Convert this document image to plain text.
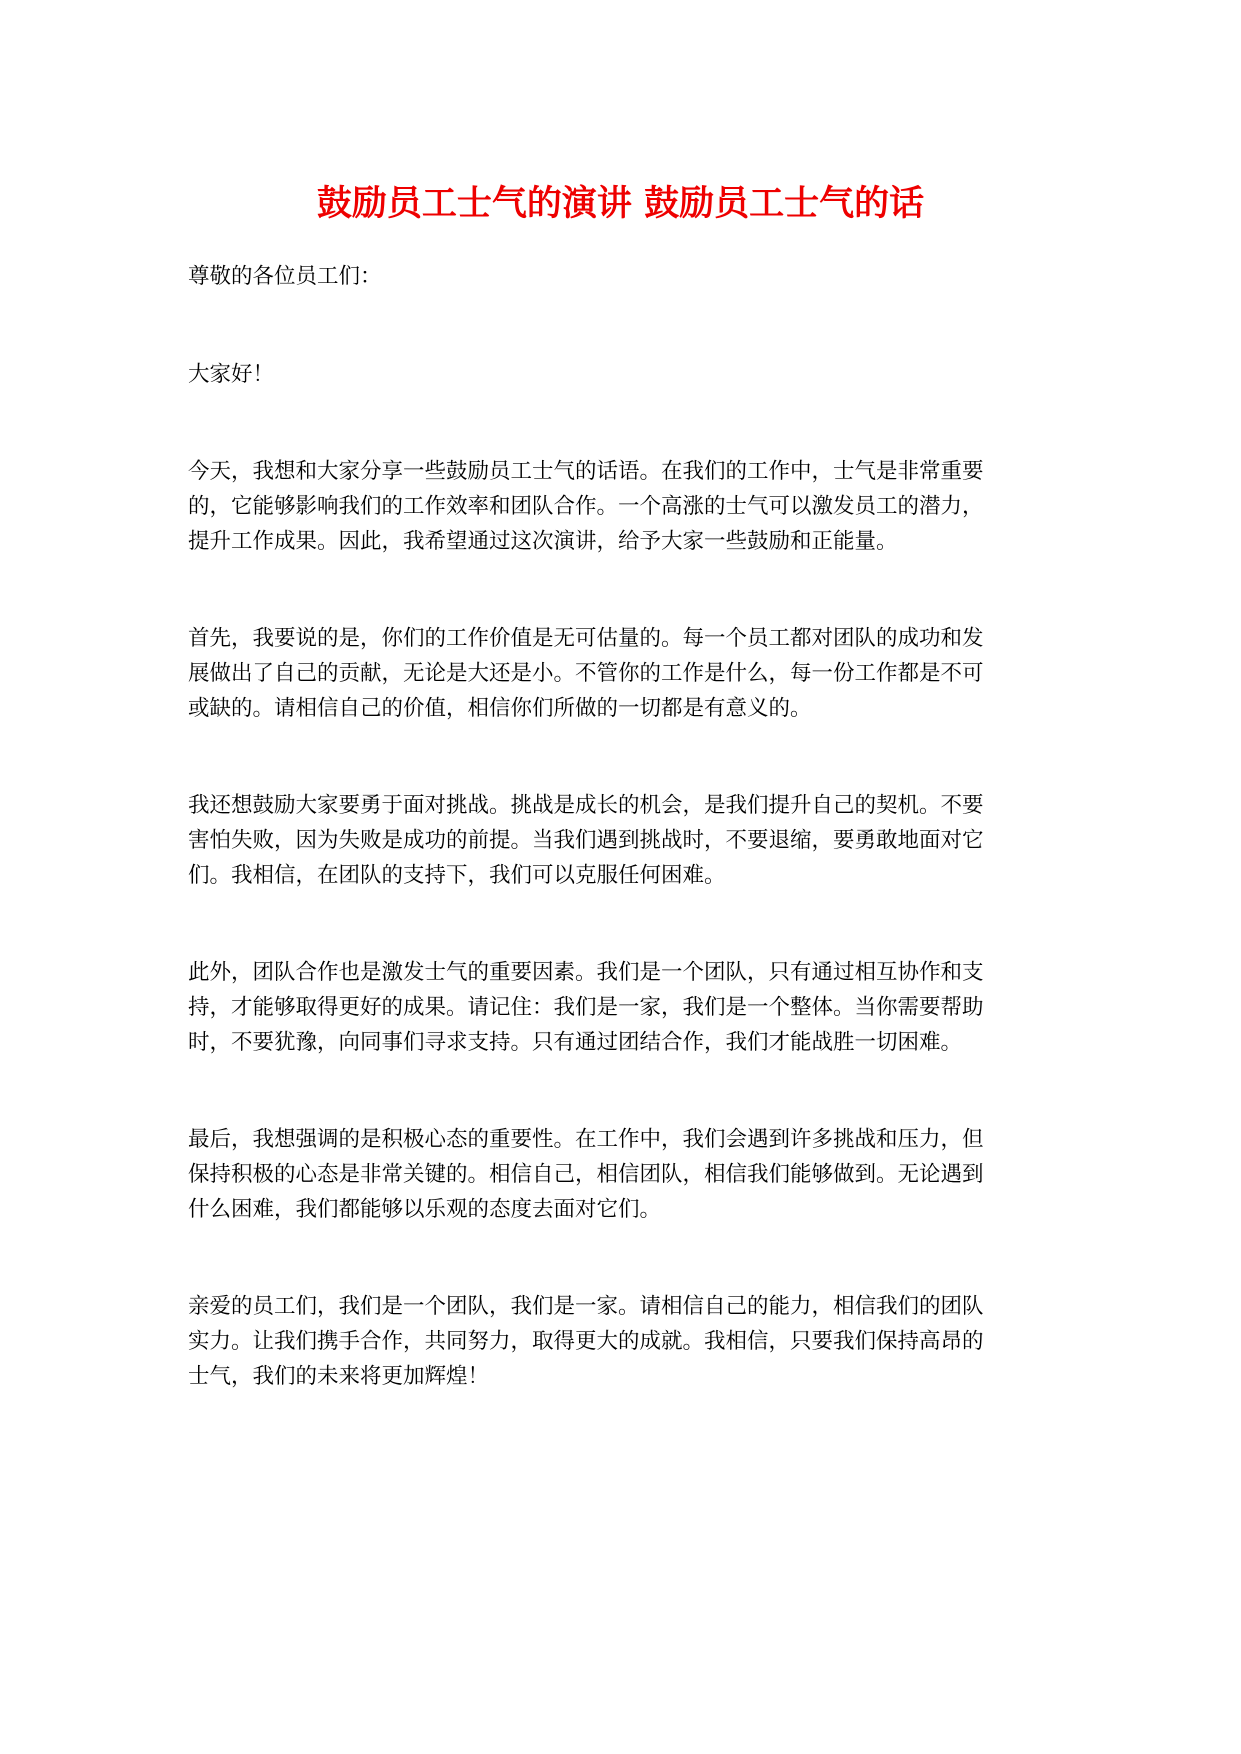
鼓励员工士气的演讲 鼓励员工士气的话
尊敬的各位员工们：
大家好！
今天，我想和大家分享一些鼓励员工士气的话语。在我们的工作中，士气是非常重要
的，它能够影响我们的工作效率和团队合作。一个高涨的士气可以激发员工的潜力，
提升工作成果。因此，我希望通过这次演讲，给予大家一些鼓励和正能量。
首先，我要说的是，你们的工作价值是无可估量的。每一个员工都对团队的成功和发
展做出了自己的贡献，无论是大还是小。不管你的工作是什么，每一份工作都是不可
或缺的。请相信自己的价值，相信你们所做的一切都是有意义的。
我还想鼓励大家要勇于面对挑战。挑战是成长的机会，是我们提升自己的契机。不要
害怕失败，因为失败是成功的前提。当我们遇到挑战时，不要退缩，要勇敢地面对它
们。我相信，在团队的支持下，我们可以克服任何困难。
此外，团队合作也是激发士气的重要因素。我们是一个团队，只有通过相互协作和支
持，才能够取得更好的成果。请记住：我们是一家，我们是一个整体。当你需要帮助
时，不要犹豫，向同事们寻求支持。只有通过团结合作，我们才能战胜一切困难。
最后，我想强调的是积极心态的重要性。在工作中，我们会遇到许多挑战和压力，但
保持积极的心态是非常关键的。相信自己，相信团队，相信我们能够做到。无论遇到
什么困难，我们都能够以乐观的态度去面对它们。
亲爱的员工们，我们是一个团队，我们是一家。请相信自己的能力，相信我们的团队
实力。让我们携手合作，共同努力，取得更大的成就。我相信，只要我们保持高昂的
士气，我们的未来将更加辉煌！
